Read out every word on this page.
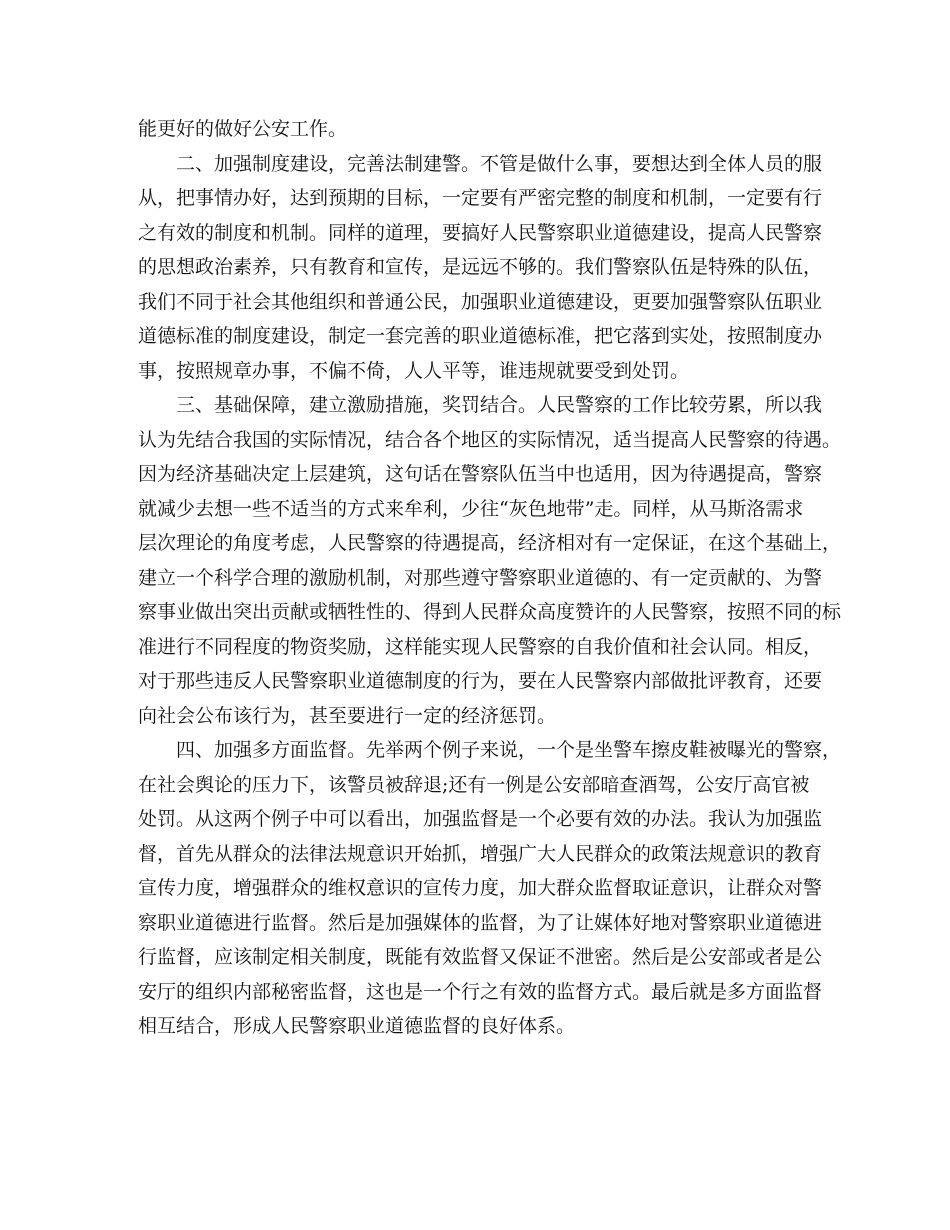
能更好的做好公安工作。
二、加强制度建设，完善法制建警。不管是做什么事，要想达到全体人员的服
从，把事情办好，达到预期的目标，一定要有严密完整的制度和机制，一定要有行
之有效的制度和机制。同样的道理，要搞好人民警察职业道德建设，提高人民警察
的思想政治素养，只有教育和宣传，是远远不够的。我们警察队伍是特殊的队伍，
我们不同于社会其他组织和普通公民，加强职业道德建设，更要加强警察队伍职业
道德标准的制度建设，制定一套完善的职业道德标准，把它落到实处，按照制度办
事，按照规章办事，不偏不倚，人人平等，谁违规就要受到处罚。
三、基础保障，建立激励措施，奖罚结合。人民警察的工作比较劳累，所以我
认为先结合我国的实际情况，结合各个地区的实际情况，适当提高人民警察的待遇。
因为经济基础决定上层建筑，这句话在警察队伍当中也适用，因为待遇提高，警察
就减少去想一些不适当的方式来牟利，少往“灰色地带”走。同样，从马斯洛需求
层次理论的角度考虑，人民警察的待遇提高，经济相对有一定保证，在这个基础上，
建立一个科学合理的激励机制，对那些遵守警察职业道德的、有一定贡献的、为警
察事业做出突出贡献或牺牲性的、得到人民群众高度赞许的人民警察，按照不同的标
准进行不同程度的物资奖励，这样能实现人民警察的自我价值和社会认同。相反，
对于那些违反人民警察职业道德制度的行为，要在人民警察内部做批评教育，还要
向社会公布该行为，甚至要进行一定的经济惩罚。
四、加强多方面监督。先举两个例子来说，一个是坐警车擦皮鞋被曝光的警察，
在社会舆论的压力下，该警员被辞退;还有一例是公安部暗查酒驾，公安厅高官被
处罚。从这两个例子中可以看出，加强监督是一个必要有效的办法。我认为加强监
督，首先从群众的法律法规意识开始抓，增强广大人民群众的政策法规意识的教育
宣传力度，增强群众的维权意识的宣传力度，加大群众监督取证意识，让群众对警
察职业道德进行监督。然后是加强媒体的监督，为了让媒体好地对警察职业道德进
行监督，应该制定相关制度，既能有效监督又保证不泄密。然后是公安部或者是公
安厅的组织内部秘密监督，这也是一个行之有效的监督方式。最后就是多方面监督
相互结合，形成人民警察职业道德监督的良好体系。
